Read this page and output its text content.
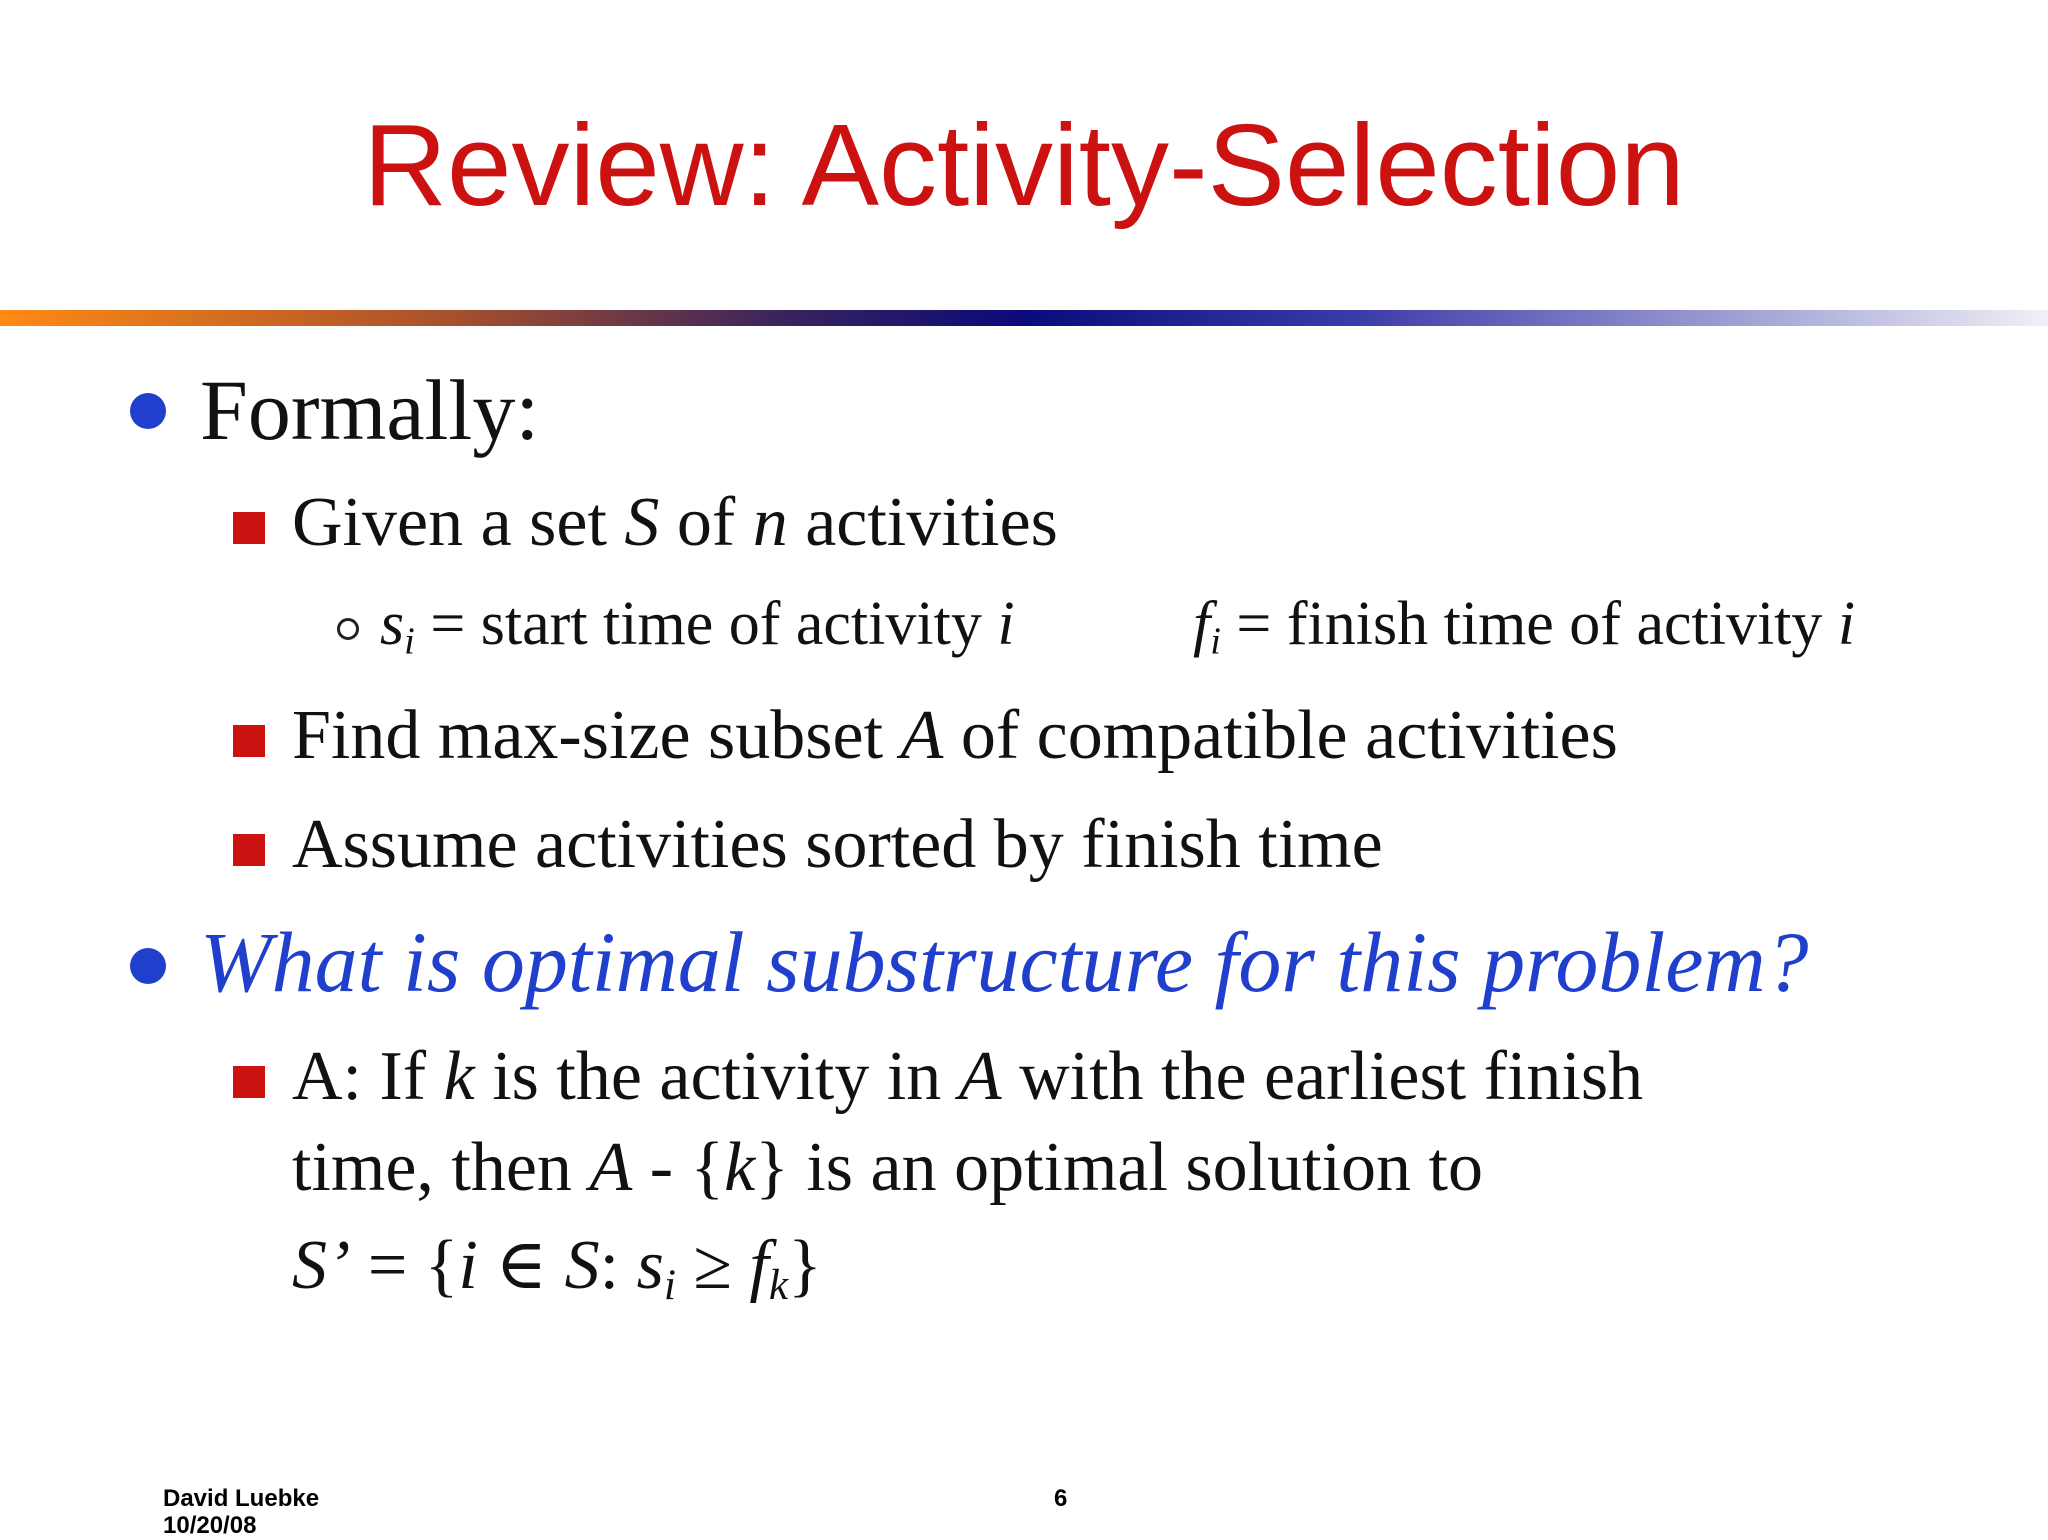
Review: Activity-Selection
Formally:
Given a set S of n activities
$s_i$ = start time of activity i	$f_i$ = finish time of activity i
Find max-size subset A of compatible activities
Assume activities sorted by finish time
What is optimal substructure for this problem?
A: If k is the activity in A with the earliest finish
time, then A - {k} is an optimal solution to
S’ = {i ∈ S: $s_i \ge f_k$}
David Luebke
10/20/08
6
